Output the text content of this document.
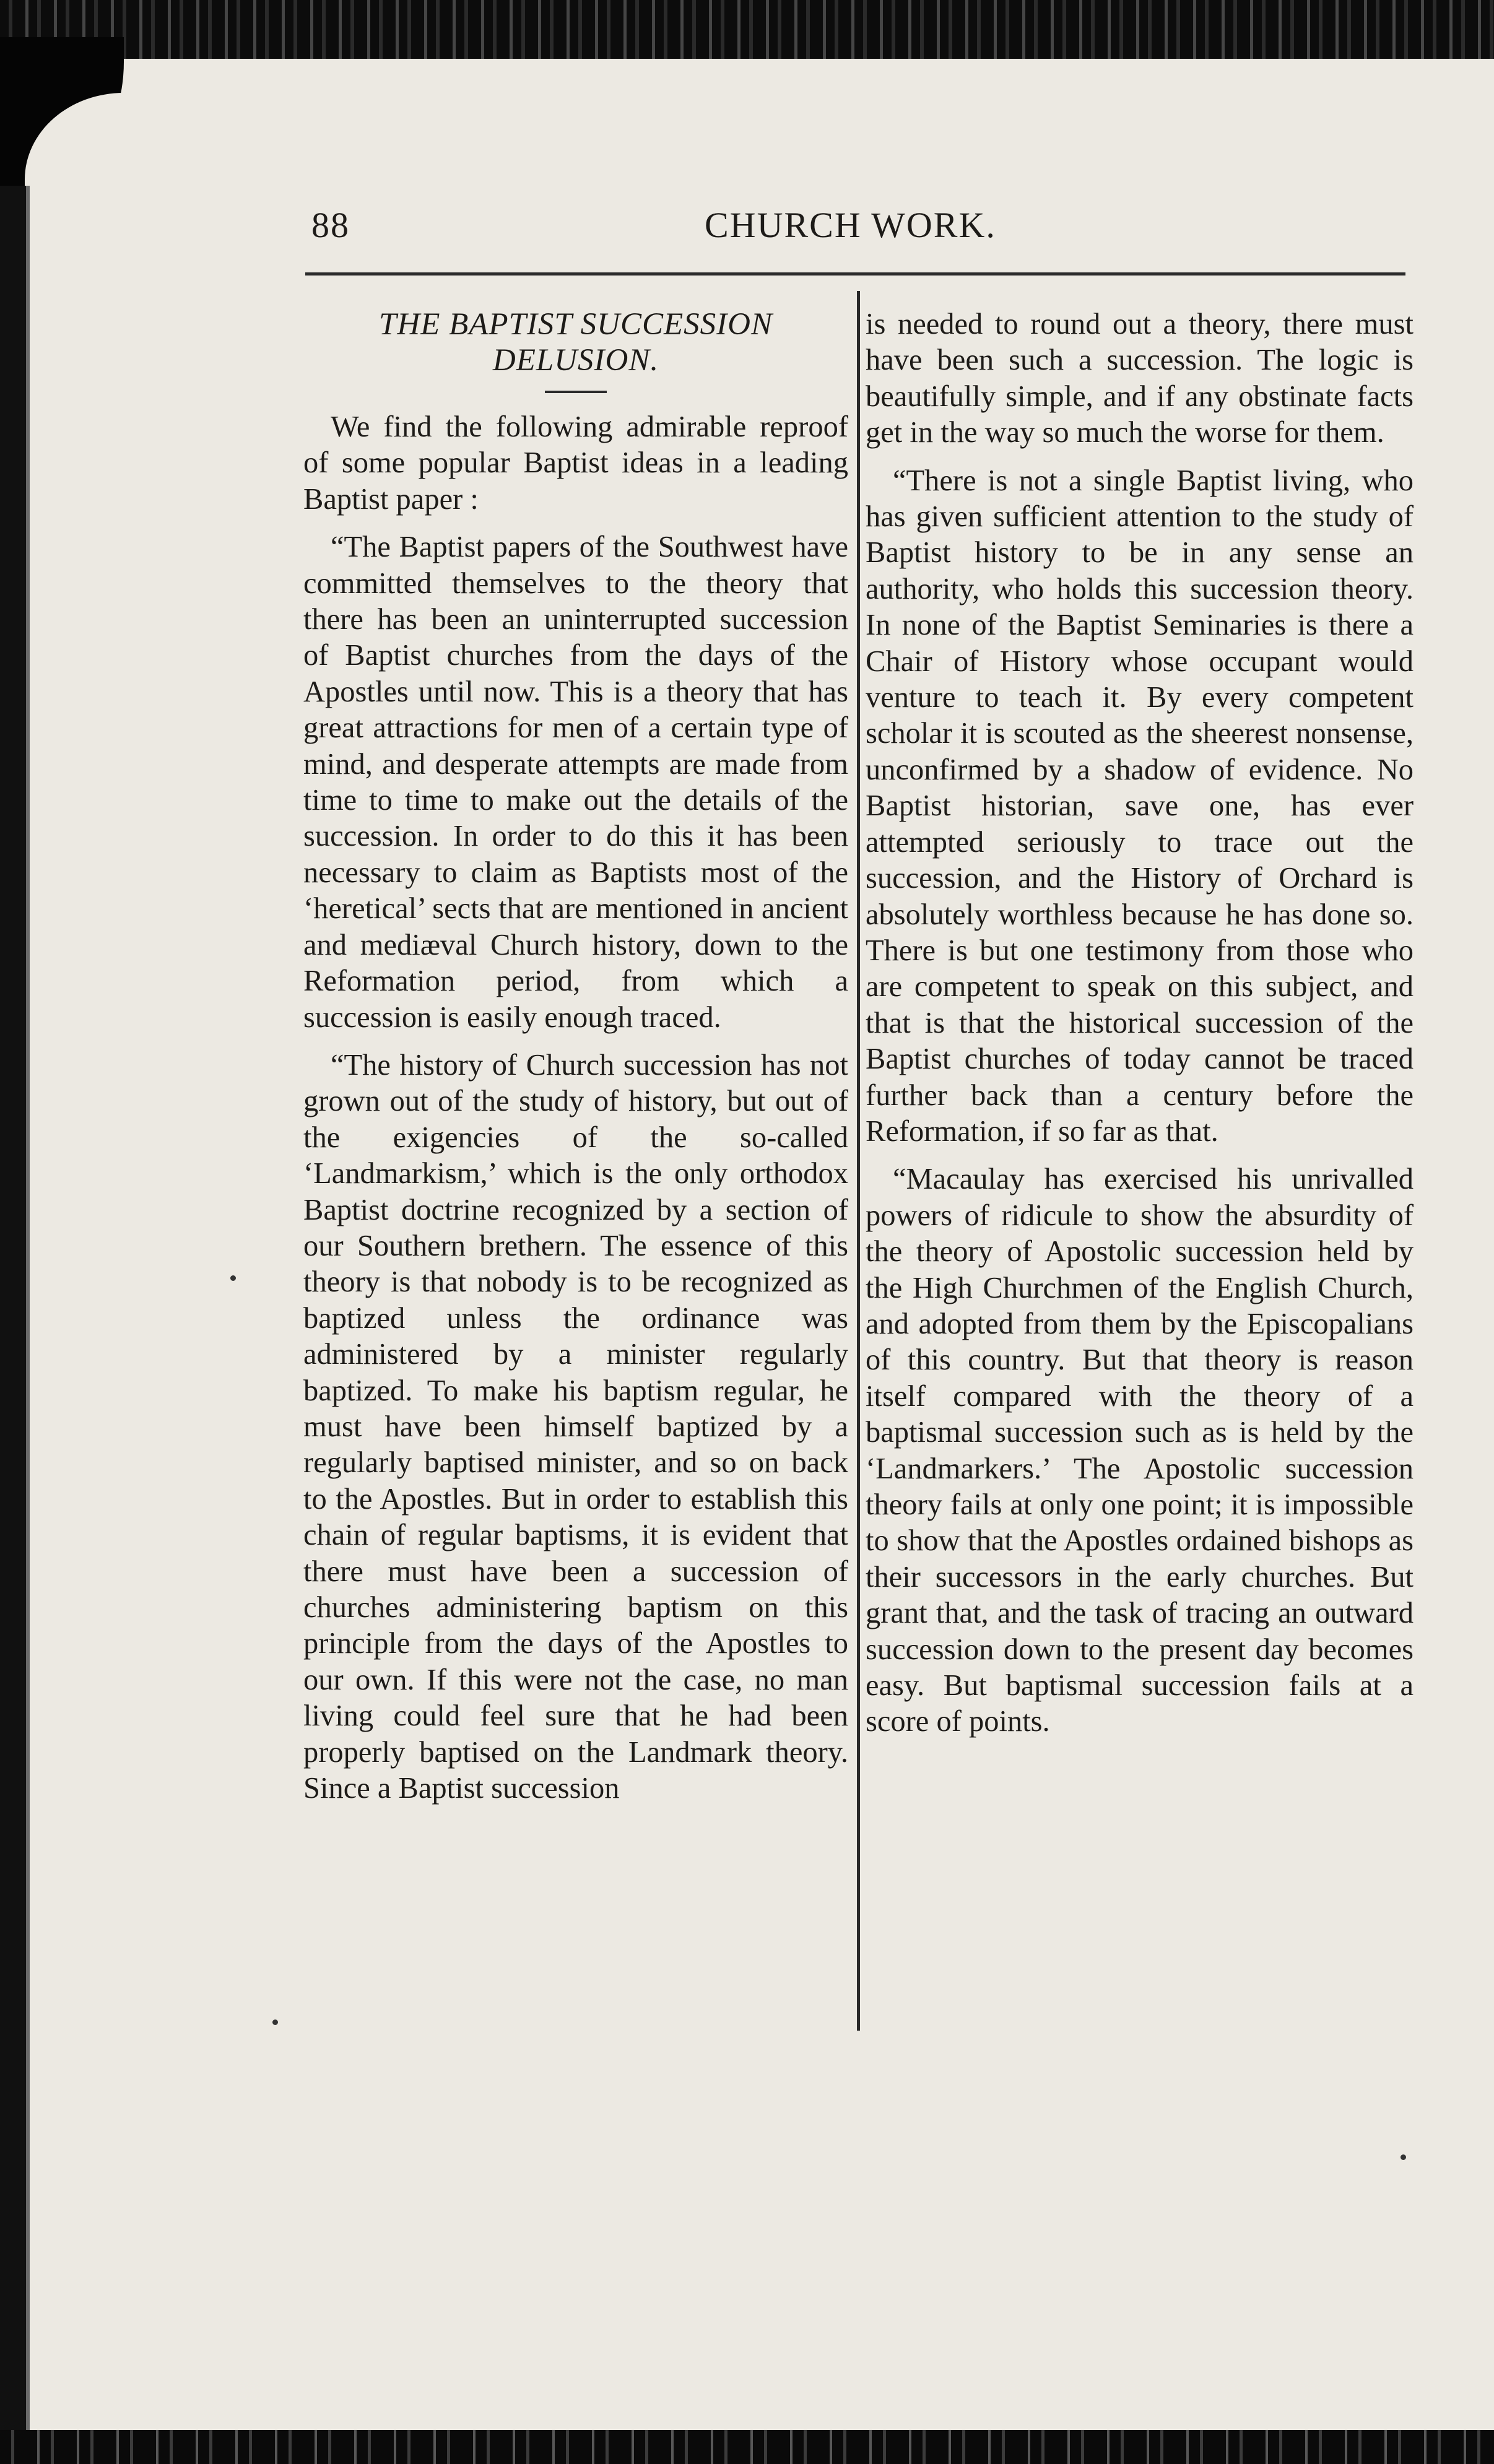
88	CHURCH WORK.
THE BAPTIST SUCCESSION
DELUSION.

We find the following admirable reproof of some popular Baptist ideas in a leading Baptist paper :

“The Baptist papers of the Southwest have committed themselves to the theory that there has been an uninterrupted succession of Baptist churches from the days of the Apostles until now. This is a theory that has great attractions for men of a certain type of mind, and desperate attempts are made from time to time to make out the details of the succession. In order to do this it has been necessary to claim as Baptists most of the ‘heretical’ sects that are mentioned in ancient and mediæval Church history, down to the Reformation period, from which a succession is easily enough traced.

“The history of Church succession has not grown out of the study of history, but out of the exigencies of the so-called ‘Landmarkism,’ which is the only orthodox Baptist doctrine recognized by a section of our Southern brethern. The essence of this theory is that nobody is to be recognized as baptized unless the ordinance was administered by a minister regularly baptized. To make his baptism regular, he must have been himself baptized by a regularly baptised minister, and so on back to the Apostles. But in order to establish this chain of regular baptisms, it is evident that there must have been a succession of churches administering baptism on this principle from the days of the Apostles to our own. If this were not the case, no man living could feel sure that he had been properly baptised on the Landmark theory. Since a Baptist succession

is needed to round out a theory, there must have been such a succession. The logic is beautifully simple, and if any obstinate facts get in the way so much the worse for them.

“There is not a single Baptist living, who has given sufficient attention to the study of Baptist history to be in any sense an authority, who holds this succession theory. In none of the Baptist Seminaries is there a Chair of History whose occupant would venture to teach it. By every competent scholar it is scouted as the sheerest nonsense, unconfirmed by a shadow of evidence. No Baptist historian, save one, has ever attempted seriously to trace out the succession, and the History of Orchard is absolutely worthless because he has done so. There is but one testimony from those who are competent to speak on this subject, and that is that the historical succession of the Baptist churches of today cannot be traced further back than a century before the Reformation, if so far as that.

“Macaulay has exercised his unrivalled powers of ridicule to show the absurdity of the theory of Apostolic succession held by the High Churchmen of the English Church, and adopted from them by the Episcopalians of this country. But that theory is reason itself compared with the theory of a baptismal succession such as is held by the ‘Landmarkers.’ The Apostolic succession theory fails at only one point; it is impossible to show that the Apostles ordained bishops as their successors in the early churches. But grant that, and the task of tracing an outward succession down to the present day becomes easy. But baptismal succession fails at a score of points.
